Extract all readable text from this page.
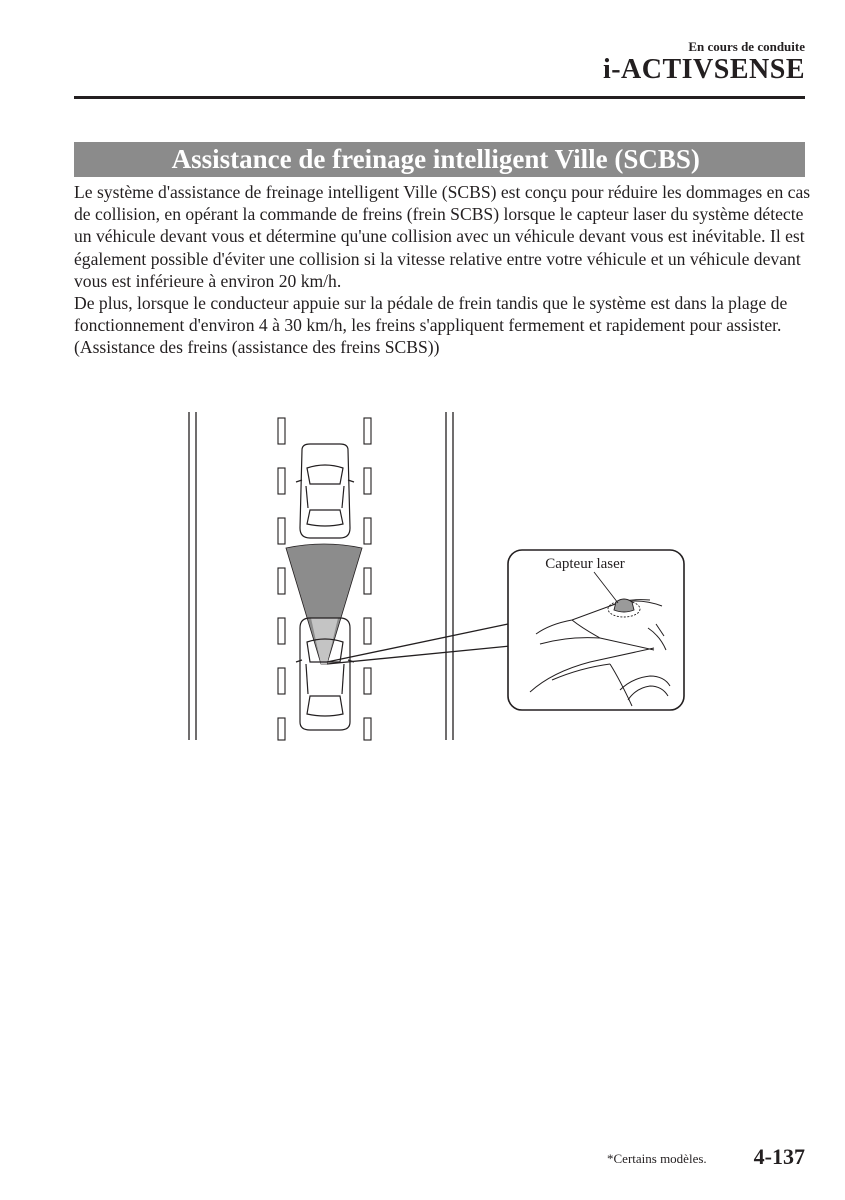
En cours de conduite
i-ACTIVSENSE
Assistance de freinage intelligent Ville (SCBS)*

Le système d'assistance de freinage intelligent Ville (SCBS) est conçu pour réduire les dommages en cas de collision, en opérant la commande de freins (frein SCBS) lorsque le capteur laser du système détecte un véhicule devant vous et détermine qu'une collision avec un véhicule devant vous est inévitable. Il est également possible d'éviter une collision si la vitesse relative entre votre véhicule et un véhicule devant vous est inférieure à environ 20 km/h.

De plus, lorsque le conducteur appuie sur la pédale de frein tandis que le système est dans la plage de fonctionnement d'environ 4 à 30 km/h, les freins s'appliquent fermement et rapidement pour assister. (Assistance des freins (assistance des freins SCBS))

Capteur laser
*Certains modèles. 4-137
